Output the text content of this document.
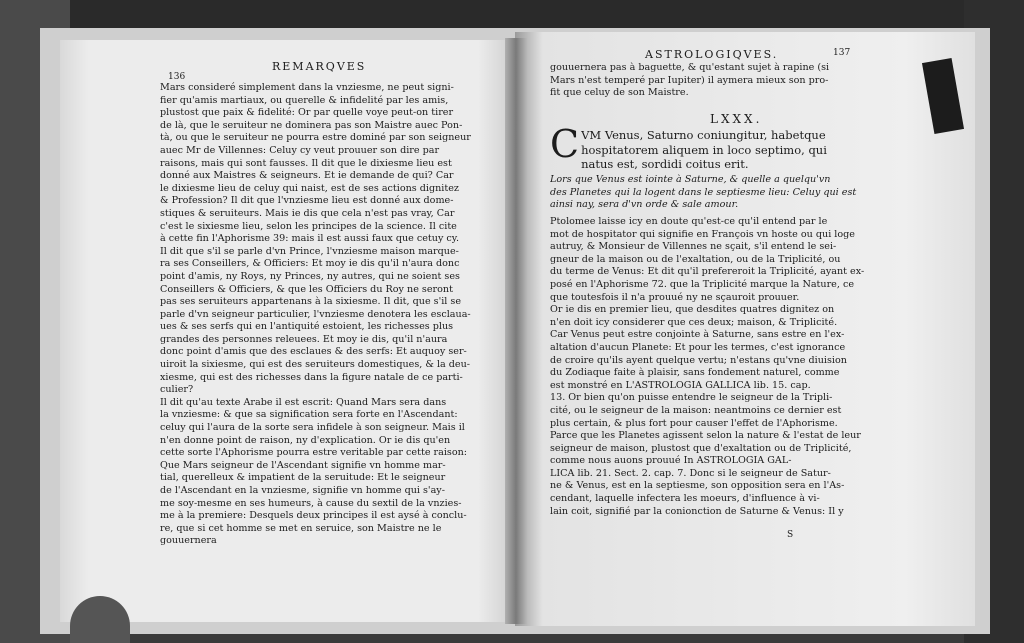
136
REMARQVES
Mars consideré simplement dans la vnziesme, ne peut signi-
fier qu'amis martiaux, ou querelle & infidelité par les amis,
plustost que paix & fidelité: Or par quelle voye peut-on tirer
de là, que le seruiteur ne dominera pas son Maistre auec Pon-
tà, ou que le seruiteur ne pourra estre dominé par son seigneur
auec Mr de Villennes: Celuy cy veut prouuer son dire par
raisons, mais qui sont fausses. Il dit que le dixiesme lieu est
donné aux Maistres & seigneurs. Et ie demande de qui? Car
le dixiesme lieu de celuy qui naist, est de ses actions dignitez
& Profession? Il dit que l'vnziesme lieu est donné aux dome-
stiques & seruiteurs. Mais ie dis que cela n'est pas vray, Car
c'est le sixiesme lieu, selon les principes de la science. Il cite
à cette fin l'Aphorisme 39: mais il est aussi faux que cetuy cy.
Il dit que s'il se parle d'vn Prince, l'vnziesme maison marque-
ra ses Conseillers, & Officiers: Et moy ie dis qu'il n'aura donc
point d'amis, ny Roys, ny Princes, ny autres, qui ne soient ses
Conseillers & Officiers, & que les Officiers du Roy ne seront
pas ses seruiteurs appartenans à la sixiesme. Il dit, que s'il se
parle d'vn seigneur particulier, l'vnziesme denotera les esclaua-
ues & ses serfs qui en l'antiquité estoient, les richesses plus
grandes des personnes releuees. Et moy ie dis, qu'il n'aura
donc point d'amis que des esclaues & des serfs: Et auquoy ser-
uiroit la sixiesme, qui est des seruiteurs domestiques, & la deu-
xiesme, qui est des richesses dans la figure natale de ce parti-
culier?
Il dit qu'au texte Arabe il est escrit: Quand Mars sera dans
la vnziesme: & que sa signification sera forte en l'Ascendant:
celuy qui l'aura de la sorte sera infidele à son seigneur. Mais il
n'en donne point de raison, ny d'explication. Or ie dis qu'en
cette sorte l'Aphorisme pourra estre veritable par cette raison:
Que Mars seigneur de l'Ascendant signifie vn homme mar-
tial, querelleux & impatient de la seruitude: Et le seigneur
de l'Ascendant en la vnziesme, signifie vn homme qui s'ay-
me soy-mesme en ses humeurs, à cause du sextil de la vnzies-
me à la premiere: Desquels deux principes il est aysé à conclu-
re, que si cet homme se met en seruice, son Maistre ne le
gouuernera
ASTROLOGIQVES.	137
gouuernera pas à baguette, & qu'estant sujet à rapine (si
Mars n'est temperé par Iupiter) il aymera mieux son pro-
fit que celuy de son Maistre.
LXXX.
C VM Venus, Saturno coniungitur, habetque
hospitatorem aliquem in loco septimo, qui
natus est, sordidi coitus erit.
Lors que Venus est iointe à Saturne, & quelle a quelqu'vn
des Planetes qui la logent dans le septiesme lieu: Celuy qui est
ainsi nay, sera d'vn orde & sale amour.
Ptolomee laisse icy en doute qu'est-ce qu'il entend par le
mot de hospitator qui signifie en François vn hoste ou qui loge
autruy, & Monsieur de Villennes ne sçait, s'il entend le sei-
gneur de la maison ou de l'exaltation, ou de la Triplicité, ou
du terme de Venus: Et dit qu'il prefereroit la Triplicité, ayant ex-
posé en l'Aphorisme 72. que la Triplicité marque la Nature, ce
que toutesfois il n'a prouué ny ne sçauroit prouuer.
Or ie dis en premier lieu, que desdites quatres dignitez on
n'en doit icy considerer que ces deux; maison, & Triplicité.
Car Venus peut estre conjointe à Saturne, sans estre en l'ex-
altation d'aucun Planete: Et pour les termes, c'est ignorance
de croire qu'ils ayent quelque vertu; n'estans qu'vne diuision
du Zodiaque faite à plaisir, sans fondement naturel, comme
est monstré en L'ASTROLOGIA GALLICA lib. 15. cap.
13. Or bien qu'on puisse entendre le seigneur de la Tripli-
cité, ou le seigneur de la maison: neantmoins ce dernier est
plus certain, & plus fort pour causer l'effet de l'Aphorisme.
Parce que les Planetes agissent selon la nature & l'estat de leur
seigneur de maison, plustost que d'exaltation ou de Triplicité,
comme nous auons prouué In ASTROLOGIA GAL-
LICA lib. 21. Sect. 2. cap. 7. Donc si le seigneur de Satur-
ne & Venus, est en la septiesme, son opposition sera en l'As-
cendant, laquelle infectera les moeurs, d'influence à vi-
lain coit, signifié par la conionction de Saturne & Venus: Il y
S
